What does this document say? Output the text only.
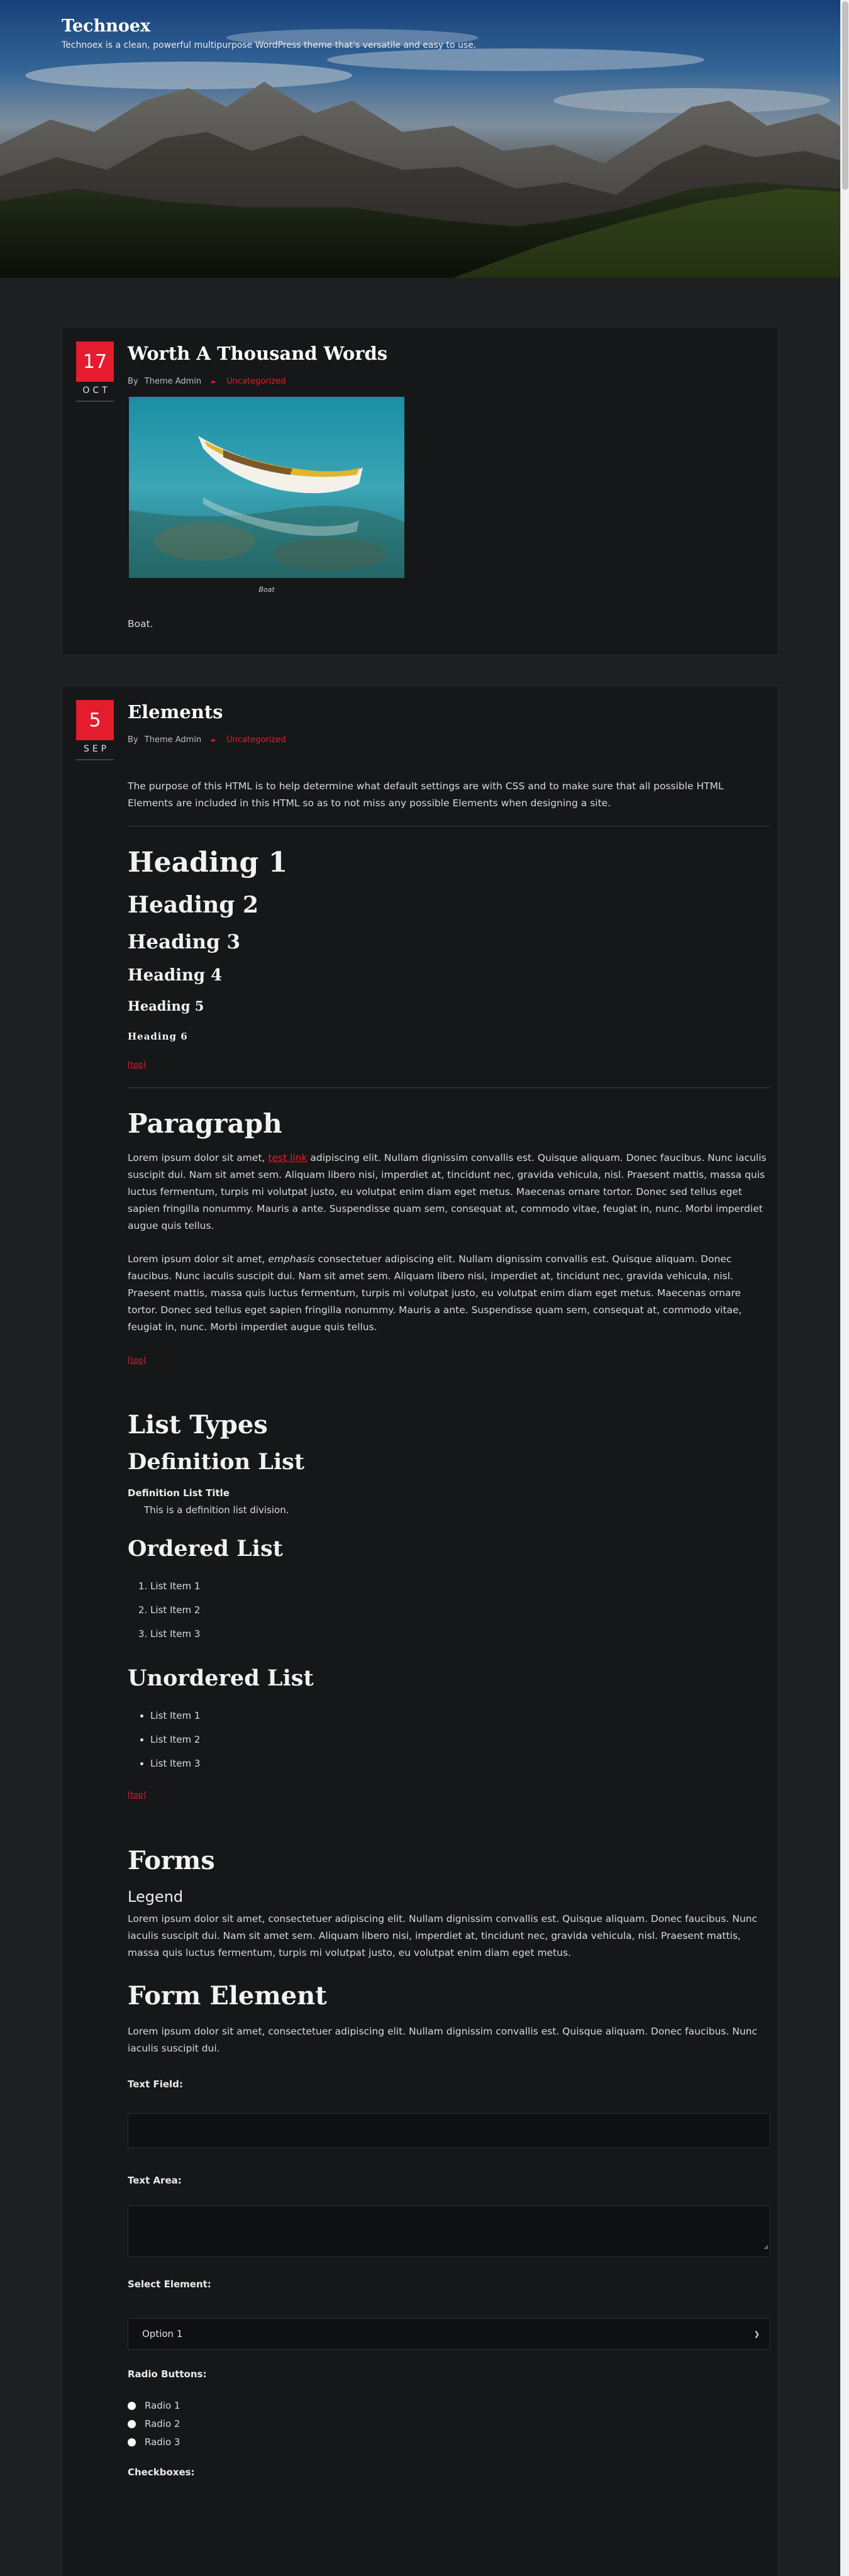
Technoex
Technoex is a clean, powerful multipurpose WordPress theme that's versatile and easy to use.
17
OCT
Worth A Thousand Words
By Theme Admin ► Uncategorized
Boat
Boat.
5
SEP
Elements
By Theme Admin ► Uncategorized

The purpose of this HTML is to help determine what default settings are with CSS and to make sure that all possible HTML Elements are included in this HTML so as to not miss any possible Elements when designing a site.

Heading 1
Heading 2
Heading 3
Heading 4
Heading 5
Heading 6
[top]
Paragraph

Lorem ipsum dolor sit amet, test link adipiscing elit. Nullam dignissim convallis est. Quisque aliquam. Donec faucibus. Nunc iaculis suscipit dui. Nam sit amet sem. Aliquam libero nisi, imperdiet at, tincidunt nec, gravida vehicula, nisl. Praesent mattis, massa quis luctus fermentum, turpis mi volutpat justo, eu volutpat enim diam eget metus. Maecenas ornare tortor. Donec sed tellus eget sapien fringilla nonummy. Mauris a ante. Suspendisse quam sem, consequat at, commodo vitae, feugiat in, nunc. Morbi imperdiet augue quis tellus.

Lorem ipsum dolor sit amet, emphasis consectetuer adipiscing elit. Nullam dignissim convallis est. Quisque aliquam. Donec faucibus. Nunc iaculis suscipit dui. Nam sit amet sem. Aliquam libero nisi, imperdiet at, tincidunt nec, gravida vehicula, nisl. Praesent mattis, massa quis luctus fermentum, turpis mi volutpat justo, eu volutpat enim diam eget metus. Maecenas ornare tortor. Donec sed tellus eget sapien fringilla nonummy. Mauris a ante. Suspendisse quam sem, consequat at, commodo vitae, feugiat in, nunc. Morbi imperdiet augue quis tellus.

[top]
List Types
Definition List
Definition List Title
This is a definition list division.
Ordered List
1. List Item 1
2. List Item 2
3. List Item 3
Unordered List
• List Item 1
• List Item 2
• List Item 3
[top]
Forms
Legend

Lorem ipsum dolor sit amet, consectetuer adipiscing elit. Nullam dignissim convallis est. Quisque aliquam. Donec faucibus. Nunc iaculis suscipit dui. Nam sit amet sem. Aliquam libero nisi, imperdiet at, tincidunt nec, gravida vehicula, nisl. Praesent mattis, massa quis luctus fermentum, turpis mi volutpat justo, eu volutpat enim diam eget metus.

Form Element

Lorem ipsum dolor sit amet, consectetuer adipiscing elit. Nullam dignissim convallis est. Quisque aliquam. Donec faucibus. Nunc iaculis suscipit dui.

Text Field:
Text Area:
◢
Select Element:
Option 1	❯
Radio Buttons:
Radio 1
Radio 2
Radio 3
Checkboxes:
